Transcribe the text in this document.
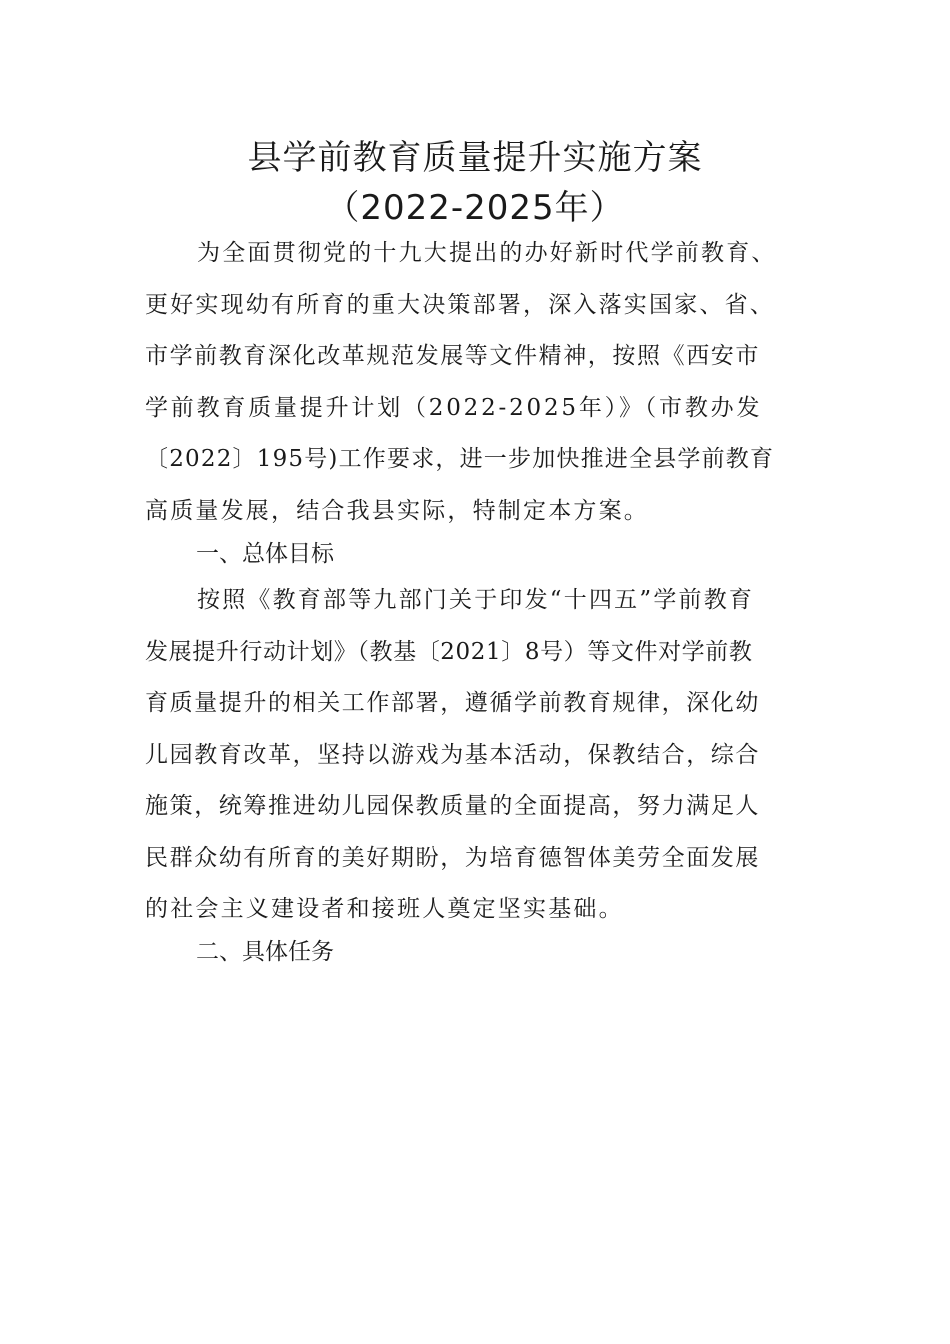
县学前教育质量提升实施方案
（2022-2025年）
为全面贯彻党的十九大提出的办好新时代学前教育、
更好实现幼有所育的重大决策部署，深入落实国家、省、
市学前教育深化改革规范发展等文件精神，按照《西安市
学前教育质量提升计划（2022-2025年）》（市教办发
〔2022〕195号)工作要求，进一步加快推进全县学前教育
高质量发展，结合我县实际，特制定本方案。
一、总体目标
按照《教育部等九部门关于印发“十四五”学前教育
发展提升行动计划》（教基〔2021〕8号）等文件对学前教
育质量提升的相关工作部署，遵循学前教育规律，深化幼
儿园教育改革，坚持以游戏为基本活动，保教结合，综合
施策，统筹推进幼儿园保教质量的全面提高，努力满足人
民群众幼有所育的美好期盼，为培育德智体美劳全面发展
的社会主义建设者和接班人奠定坚实基础。
二、具体任务
